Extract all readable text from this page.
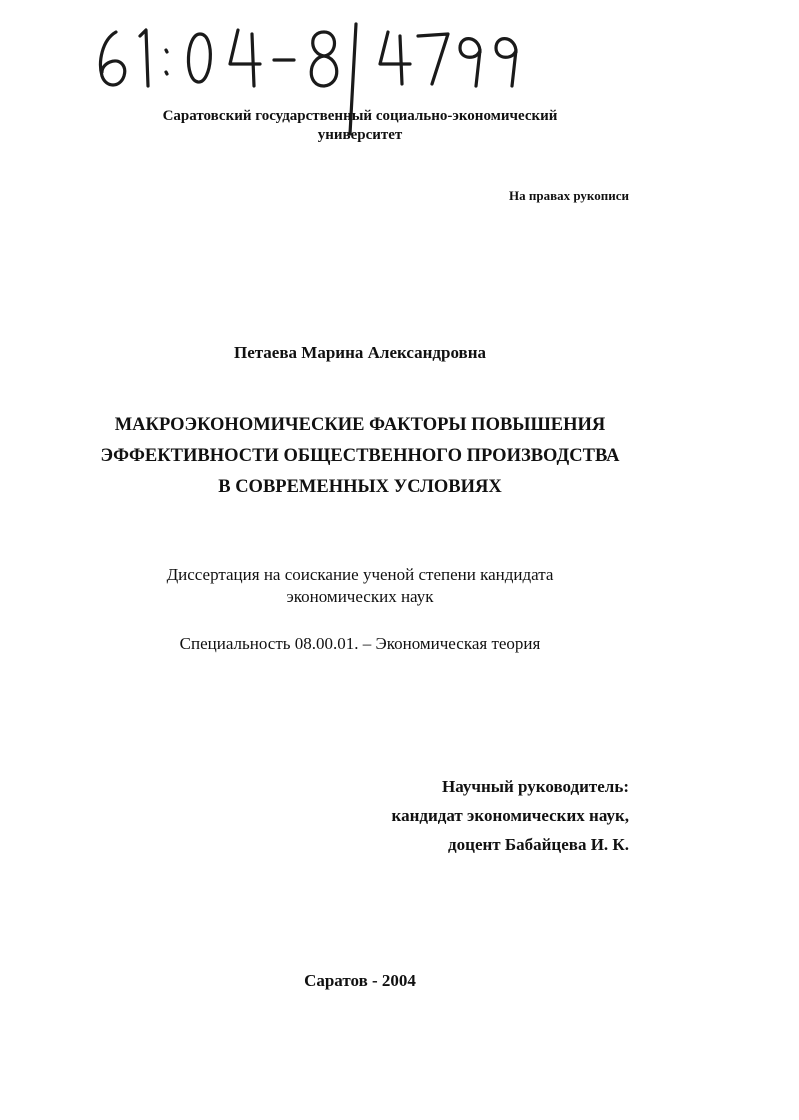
Саратовский государственный социально-экономический
университет
На правах рукописи
Петаева Марина Александровна
МАКРОЭКОНОМИЧЕСКИЕ ФАКТОРЫ ПОВЫШЕНИЯ
ЭФФЕКТИВНОСТИ ОБЩЕСТВЕННОГО ПРОИЗВОДСТВА
В СОВРЕМЕННЫХ УСЛОВИЯХ
Диссертация на соискание ученой степени кандидата
экономических наук
Специальность 08.00.01. – Экономическая теория
Научный руководитель:
кандидат экономических наук,
доцент Бабайцева И. К.
Саратов - 2004
